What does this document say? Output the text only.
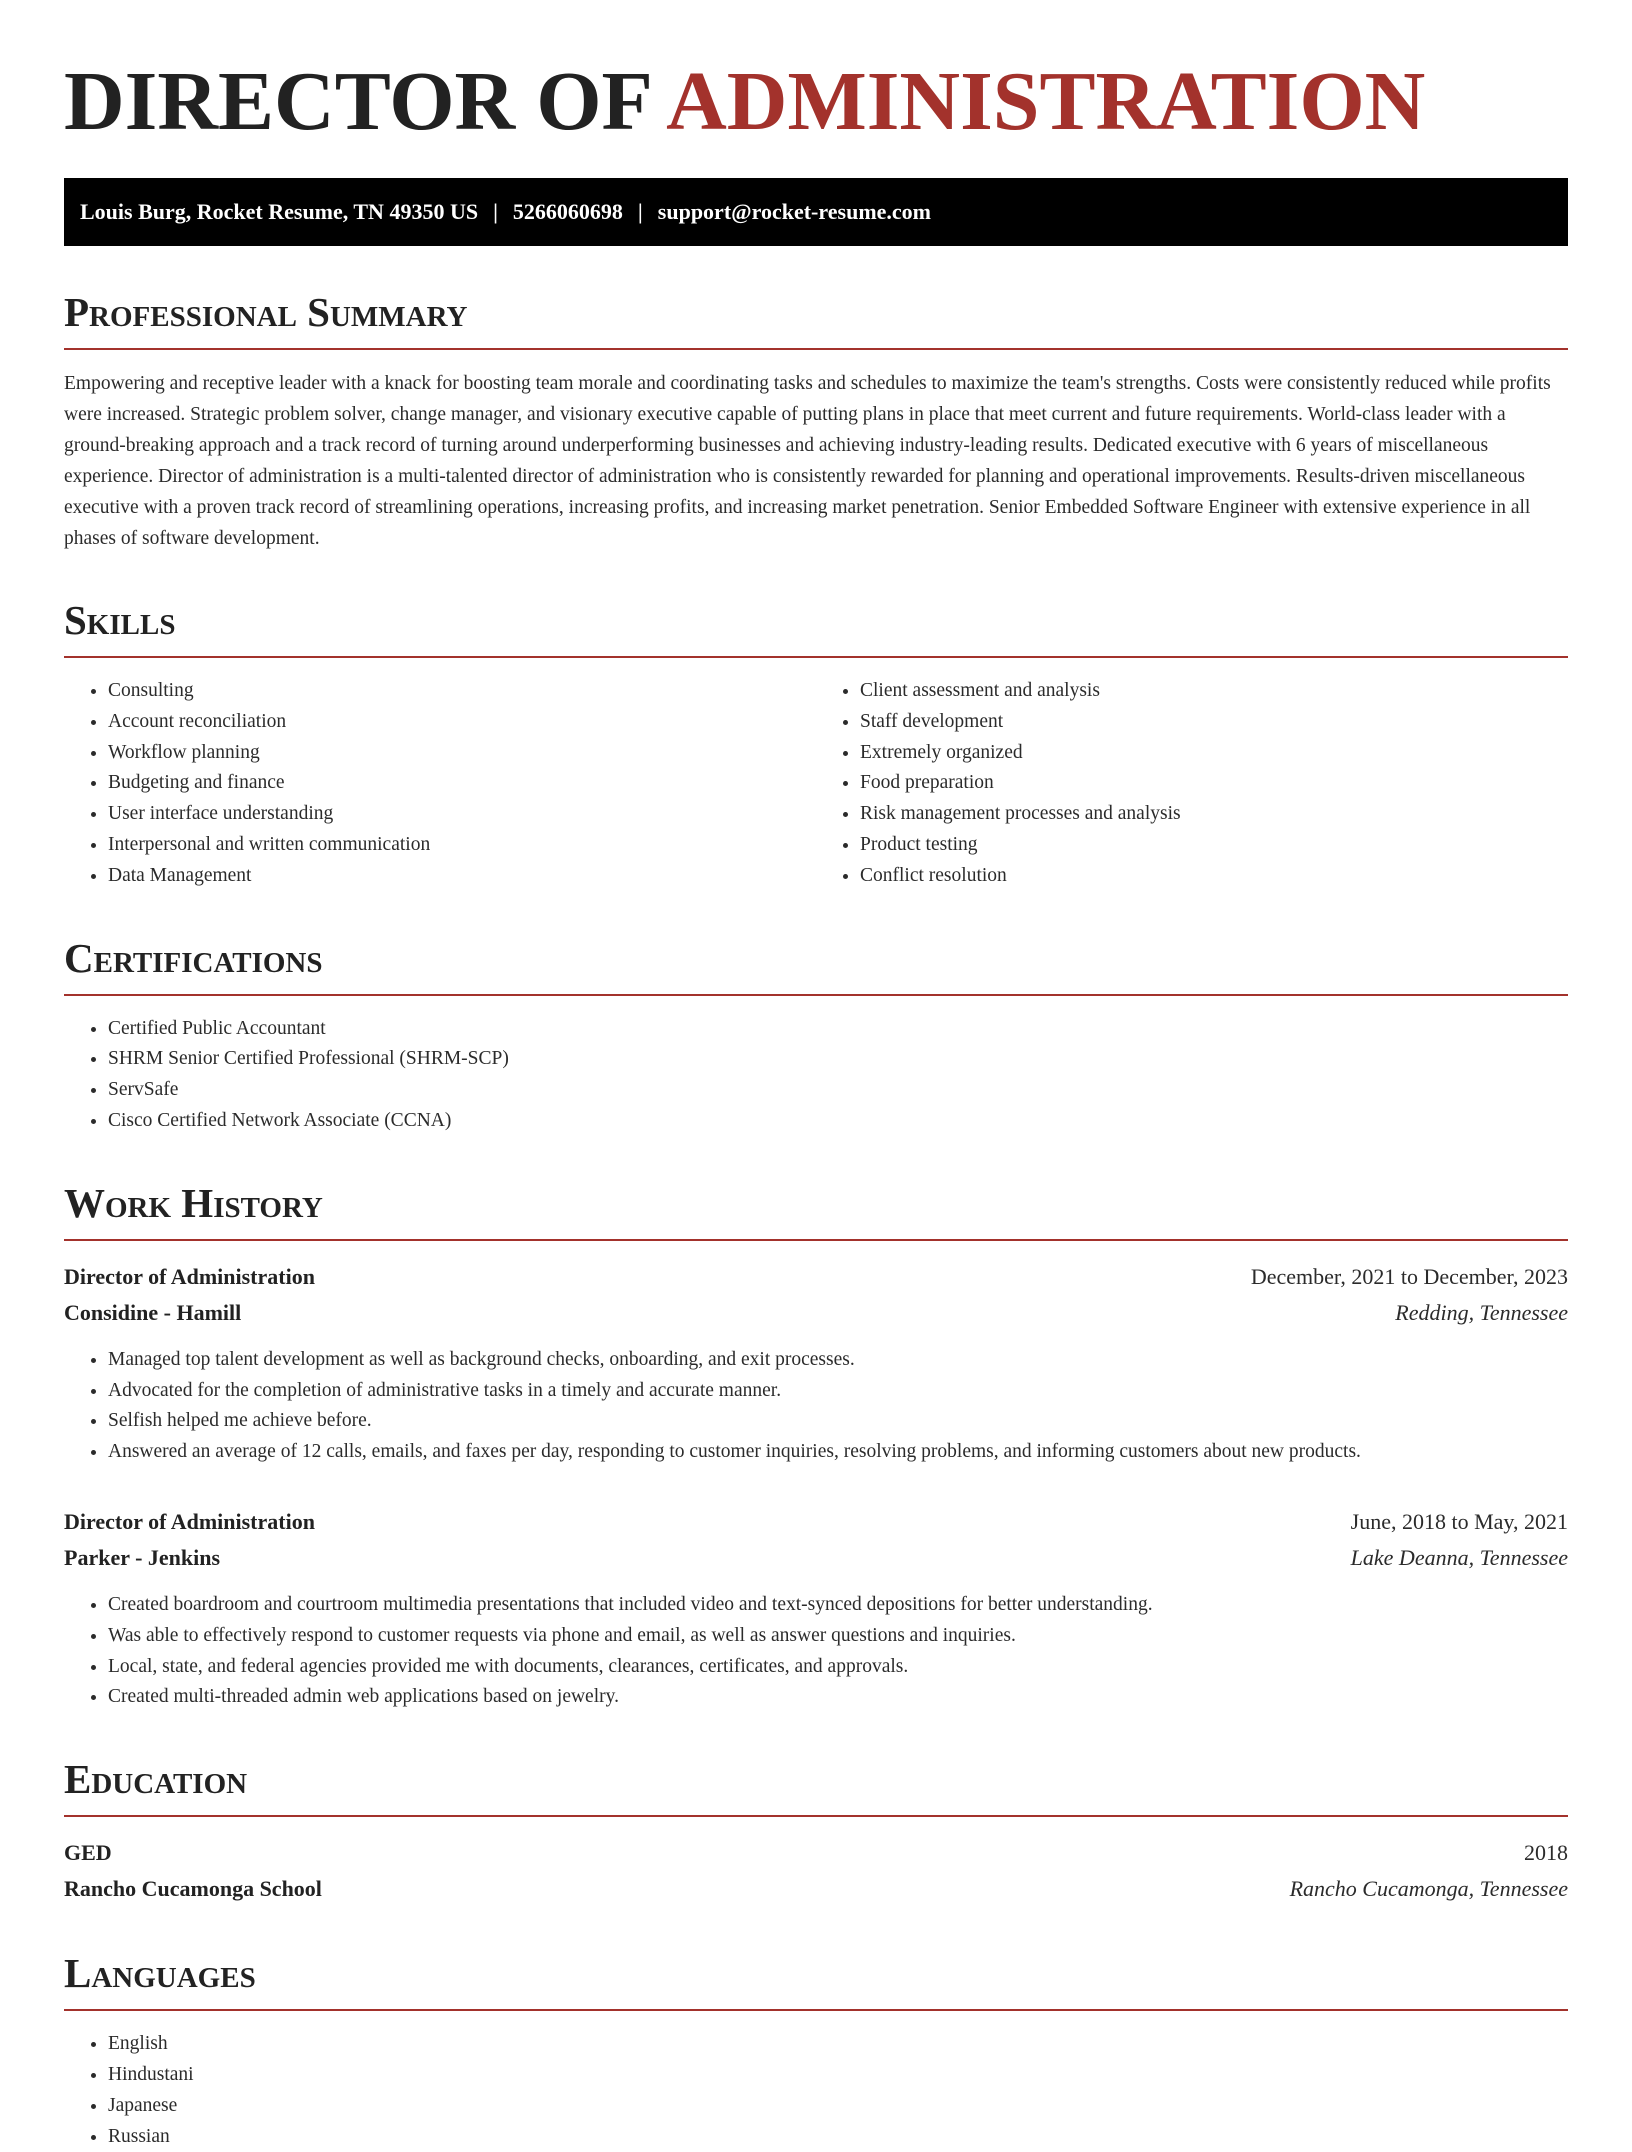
DIRECTOR OF ADMINISTRATION
Louis Burg, Rocket Resume, TN 49350 US | 5266060698 | support@rocket-resume.com
Professional Summary

Empowering and receptive leader with a knack for boosting team morale and coordinating tasks and schedules to maximize the team's strengths. Costs were consistently reduced while profits were increased. Strategic problem solver, change manager, and visionary executive capable of putting plans in place that meet current and future requirements. World-class leader with a ground-breaking approach and a track record of turning around underperforming businesses and achieving industry-leading results. Dedicated executive with 6 years of miscellaneous experience. Director of administration is a multi-talented director of administration who is consistently rewarded for planning and operational improvements. Results-driven miscellaneous executive with a proven track record of streamlining operations, increasing profits, and increasing market penetration. Senior Embedded Software Engineer with extensive experience in all phases of software development.

Skills
• Consulting
• Account reconciliation
• Workflow planning
• Budgeting and finance
• User interface understanding
• Interpersonal and written communication
• Data Management
• Client assessment and analysis
• Staff development
• Extremely organized
• Food preparation
• Risk management processes and analysis
• Product testing
• Conflict resolution
Certifications
• Certified Public Accountant
• SHRM Senior Certified Professional (SHRM-SCP)
• ServSafe
• Cisco Certified Network Associate (CCNA)
Work History
Director of Administration	December, 2021 to December, 2023
Considine - Hamill	Redding, Tennessee
• Managed top talent development as well as background checks, onboarding, and exit processes.
• Advocated for the completion of administrative tasks in a timely and accurate manner.
• Selfish helped me achieve before.
• Answered an average of 12 calls, emails, and faxes per day, responding to customer inquiries, resolving problems, and informing customers about new products.
Director of Administration	June, 2018 to May, 2021
Parker - Jenkins	Lake Deanna, Tennessee
• Created boardroom and courtroom multimedia presentations that included video and text-synced depositions for better understanding.
• Was able to effectively respond to customer requests via phone and email, as well as answer questions and inquiries.
• Local, state, and federal agencies provided me with documents, clearances, certificates, and approvals.
• Created multi-threaded admin web applications based on jewelry.
Education
GED	2018
Rancho Cucamonga School	Rancho Cucamonga, Tennessee
Languages
• English
• Hindustani
• Japanese
• Russian
